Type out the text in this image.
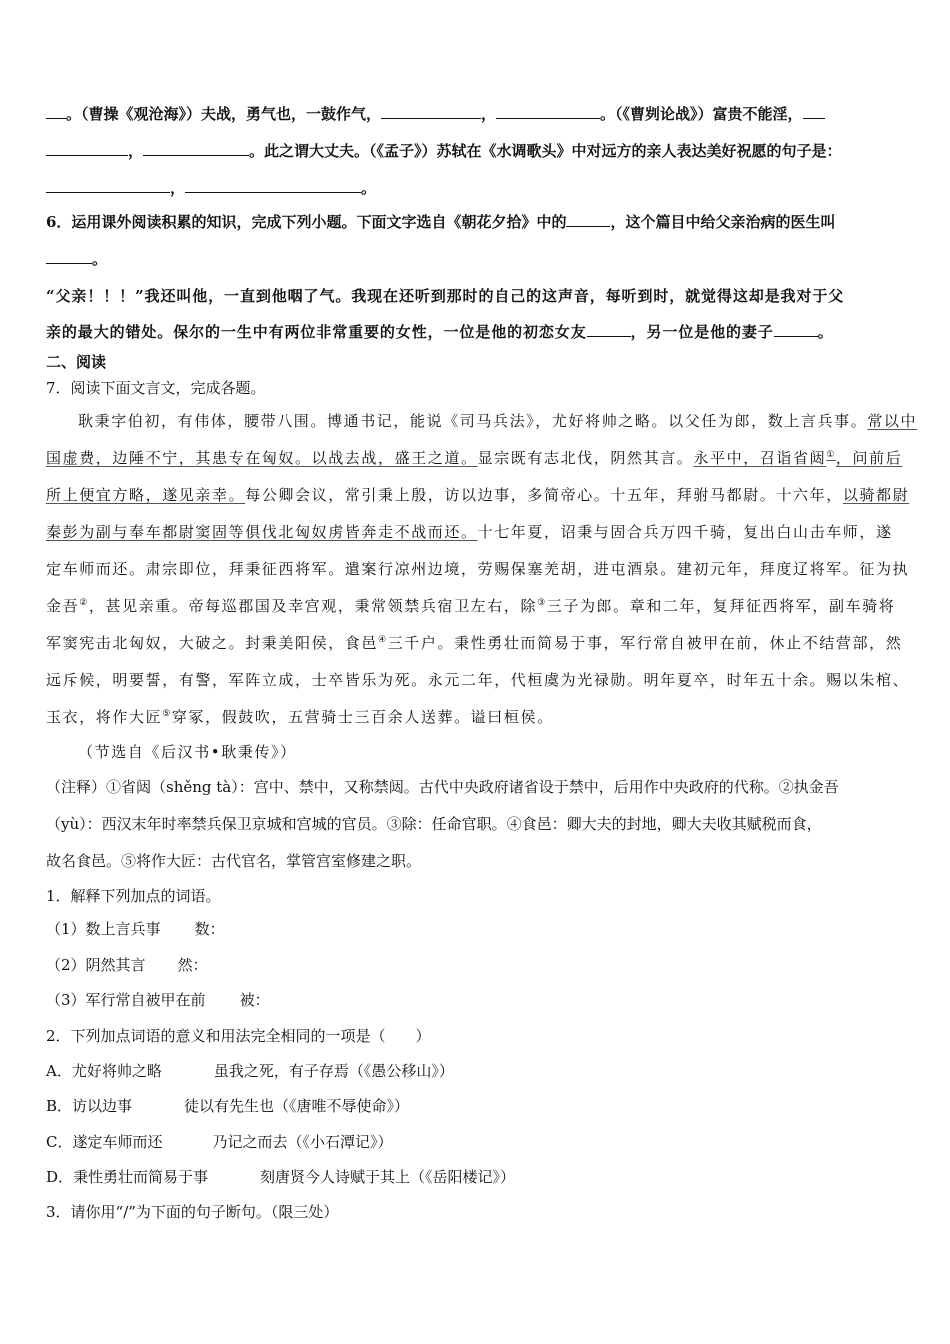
。（曹操《观沧海》）夫战，勇气也，一鼓作气，	，	。（《曹刿论战》）富贵不能淫，
，	。此之谓大丈夫。（《孟子》）苏轼在《水调歌头》中对远方的亲人表达美好祝愿的句子是：
，	。
6．运用课外阅读积累的知识，完成下列小题。下面文字选自《朝花夕拾》中的	，这个篇目中给父亲治病的医生叫
。
“父亲！！！”我还叫他，一直到他咽了气。我现在还听到那时的自己的这声音，每听到时，就觉得这却是我对于父
亲的最大的错处。保尔的一生中有两位非常重要的女性，一位是他的初恋女友	，另一位是他的妻子	。
二、阅读
7．阅读下面文言文，完成各题。
耿秉字伯初，有伟体，腰带八围。博通书记，能说《司马兵法》，尤好将帅之略。以父任为郎，数上言兵事。常以中
国虚费，边陲不宁，其患专在匈奴。以战去战，盛王之道。显宗既有志北伐，阴然其言。永平中，召诣省闼①，问前后
所上便宜方略，遂见亲幸。每公卿会议，常引秉上殷，访以边事，多简帝心。十五年，拜驸马都尉。十六年，以骑都尉
秦彭为副与奉车都尉窦固等俱伐北匈奴虏皆奔走不战而还。十七年夏，诏秉与固合兵万四千骑，复出白山击车师，遂
定车师而还。肃宗即位，拜秉征西将军。遣案行凉州边境，劳赐保塞羌胡，进屯酒泉。建初元年，拜度辽将军。征为执
金吾②，甚见亲重。帝每巡郡国及幸宫观，秉常领禁兵宿卫左右，除③三子为郎。章和二年，复拜征西将军，副车骑将
军窦宪击北匈奴，大破之。封秉美阳侯，食邑④三千户。秉性勇壮而简易于事，军行常自被甲在前，休止不结营部，然
远斥候，明要誓，有警，军阵立成，士卒皆乐为死。永元二年，代桓虞为光禄勋。明年夏卒，时年五十余。赐以朱棺、
玉衣，将作大匠⑤穿冢，假鼓吹，五营骑士三百余人送葬。谥曰桓侯。
（节选自《后汉书•耿秉传》）
（注释）①省闼（shěng tà）：宫中、禁中，又称禁闼。古代中央政府诸省设于禁中，后用作中央政府的代称。②执金吾
（yù）：西汉末年时率禁兵保卫京城和宫城的官员。③除：任命官职。④食邑：卿大夫的封地，卿大夫收其赋税而食，
故名食邑。⑤将作大匠：古代官名，掌管宫室修建之职。
1．解释下列加点的词语。
（1）数上言兵事 数：
（2）阴然其言 然：
（3）军行常自被甲在前 被：
2．下列加点词语的意义和用法完全相同的一项是（　　）
A．尤好将帅之略	虽我之死，有子存焉（《愚公移山》）
B．访以边事	徒以有先生也（《唐唯不辱使命》）
C．遂定车师而还	乃记之而去（《小石潭记》）
D．秉性勇壮而简易于事	刻唐贤今人诗赋于其上（《岳阳楼记》）
3．请你用“/”为下面的句子断句。（限三处）
